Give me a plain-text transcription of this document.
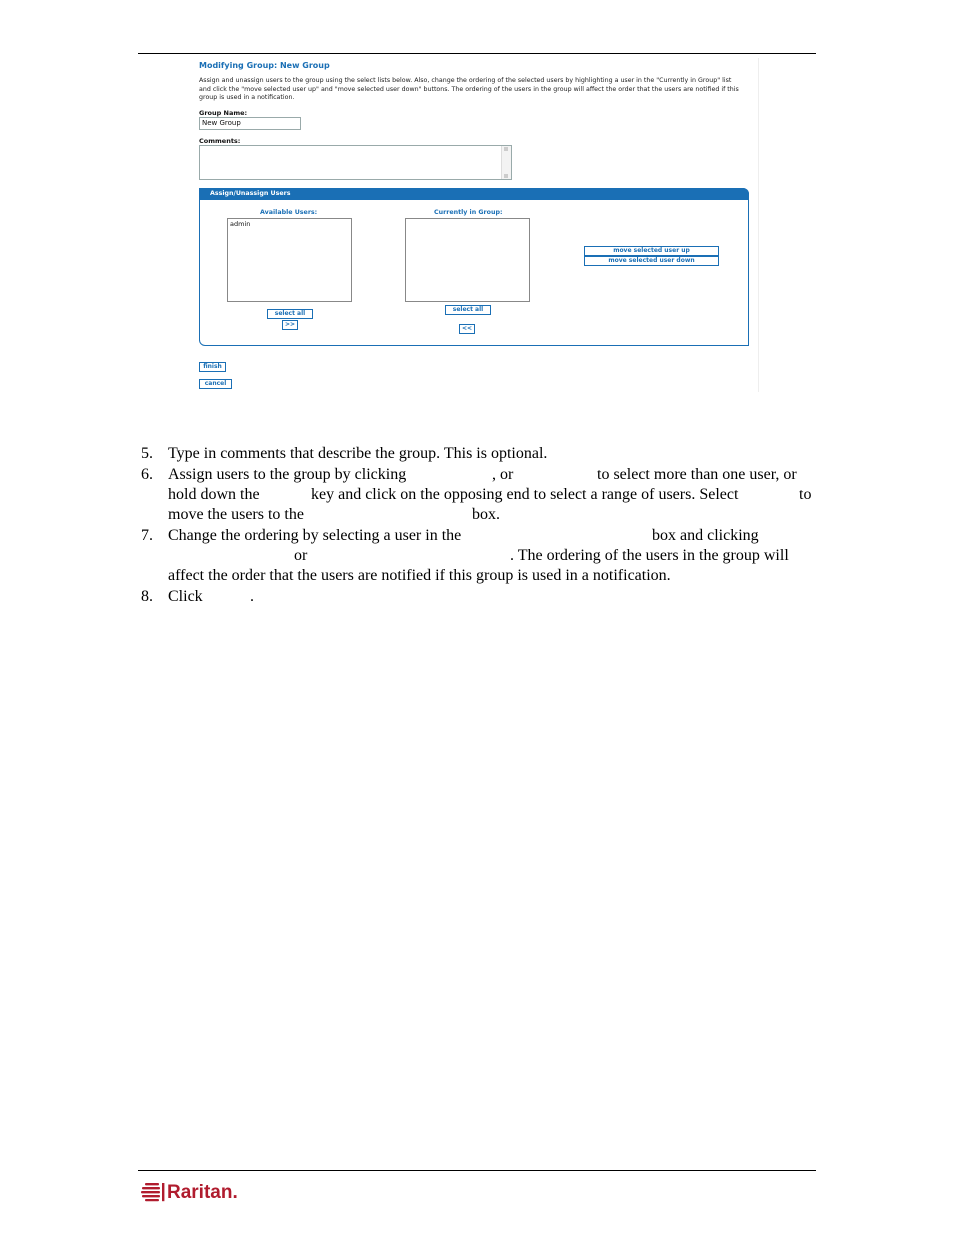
Modifying Group: New Group
Assign and unassign users to the group using the select lists below. Also, change the ordering of the selected users by highlighting a user in the "Currently in Group" list and click the "move selected user up" and "move selected user down" buttons. The ordering of the users in the group will affect the order that the users are notified if this group is used in a notification.
Group Name:
New Group
Comments:
Assign/Unassign Users
Available Users:
admin
select all
>>
Currently in Group:
select all
<<
move selected user up
move selected user down
finish
cancel
5. Type in comments that describe the group. This is optional.
6. Assign users to the group by clicking	, or	to select more than one user, or
hold down the	key and click on the opposing end to select a range of users. Select	to
move the users to the	box.
7. Change the ordering by selecting a user in the	box and clicking
or	. The ordering of the users in the group will
affect the order that the users are notified if this group is used in a notification.
8. Click	.
Raritan.
